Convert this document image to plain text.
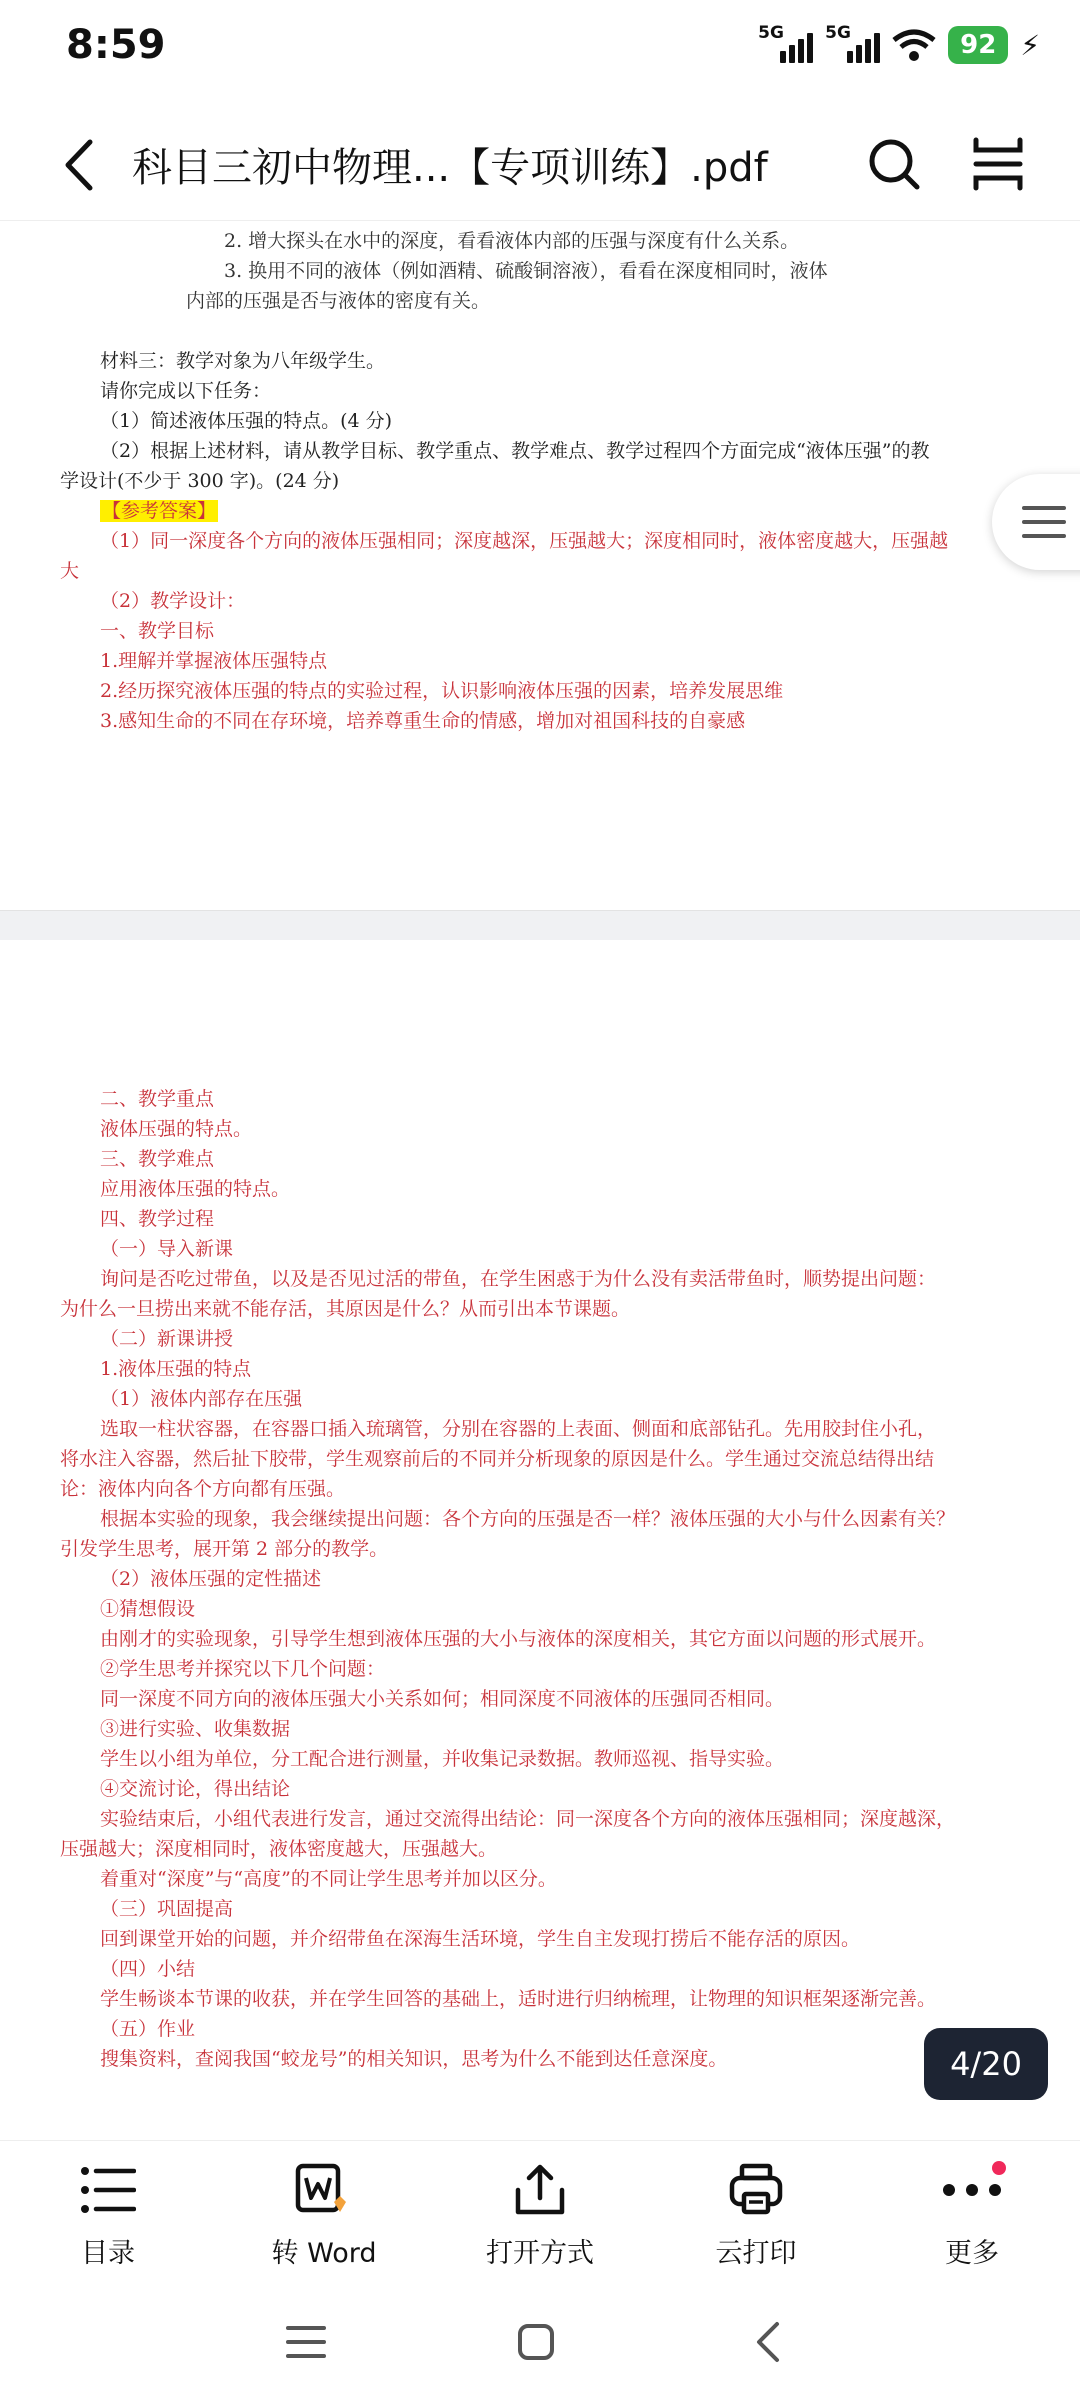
8:59	5G 5G	92 ⚡
科目三初中物理...【专项训练】.pdf
2. 增大探头在水中的深度，看看液体内部的压强与深度有什么关系。
3. 换用不同的液体（例如酒精、硫酸铜溶液），看看在深度相同时，液体
内部的压强是否与液体的密度有关。
材料三：教学对象为八年级学生。
请你完成以下任务：
（1）简述液体压强的特点。(4 分)
（2）根据上述材料，请从教学目标、教学重点、教学难点、教学过程四个方面完成“液体压强”的教
学设计(不少于 300 字)。(24 分)
【参考答案】
（1）同一深度各个方向的液体压强相同；深度越深，压强越大；深度相同时，液体密度越大，压强越
大
（2）教学设计：
一、教学目标
1.理解并掌握液体压强特点
2.经历探究液体压强的特点的实验过程，认识影响液体压强的因素，培养发展思维
3.感知生命的不同在存环境，培养尊重生命的情感，增加对祖国科技的自豪感
二、教学重点
液体压强的特点。
三、教学难点
应用液体压强的特点。
四、教学过程
（一）导入新课
询问是否吃过带鱼，以及是否见过活的带鱼，在学生困惑于为什么没有卖活带鱼时，顺势提出问题：
为什么一旦捞出来就不能存活，其原因是什么？从而引出本节课题。
（二）新课讲授
1.液体压强的特点
（1）液体内部存在压强
选取一柱状容器，在容器口插入琉璃管，分别在容器的上表面、侧面和底部钻孔。先用胶封住小孔，
将水注入容器，然后扯下胶带，学生观察前后的不同并分析现象的原因是什么。学生通过交流总结得出结
论：液体内向各个方向都有压强。
根据本实验的现象，我会继续提出问题：各个方向的压强是否一样？液体压强的大小与什么因素有关？
引发学生思考，展开第 2 部分的教学。
（2）液体压强的定性描述
①猜想假设
由刚才的实验现象，引导学生想到液体压强的大小与液体的深度相关，其它方面以问题的形式展开。
②学生思考并探究以下几个问题：
同一深度不同方向的液体压强大小关系如何；相同深度不同液体的压强同否相同。
③进行实验、收集数据
学生以小组为单位，分工配合进行测量，并收集记录数据。教师巡视、指导实验。
④交流讨论，得出结论
实验结束后，小组代表进行发言，通过交流得出结论：同一深度各个方向的液体压强相同；深度越深，
压强越大；深度相同时，液体密度越大，压强越大。
着重对“深度”与“高度”的不同让学生思考并加以区分。
（三）巩固提高
回到课堂开始的问题，并介绍带鱼在深海生活环境，学生自主发现打捞后不能存活的原因。
（四）小结
学生畅谈本节课的收获，并在学生回答的基础上，适时进行归纳梳理，让物理的知识框架逐渐完善。
（五）作业
搜集资料，查阅我国“蛟龙号”的相关知识，思考为什么不能到达任意深度。	4/20
目录	转 Word	打开方式	云打印	更多
